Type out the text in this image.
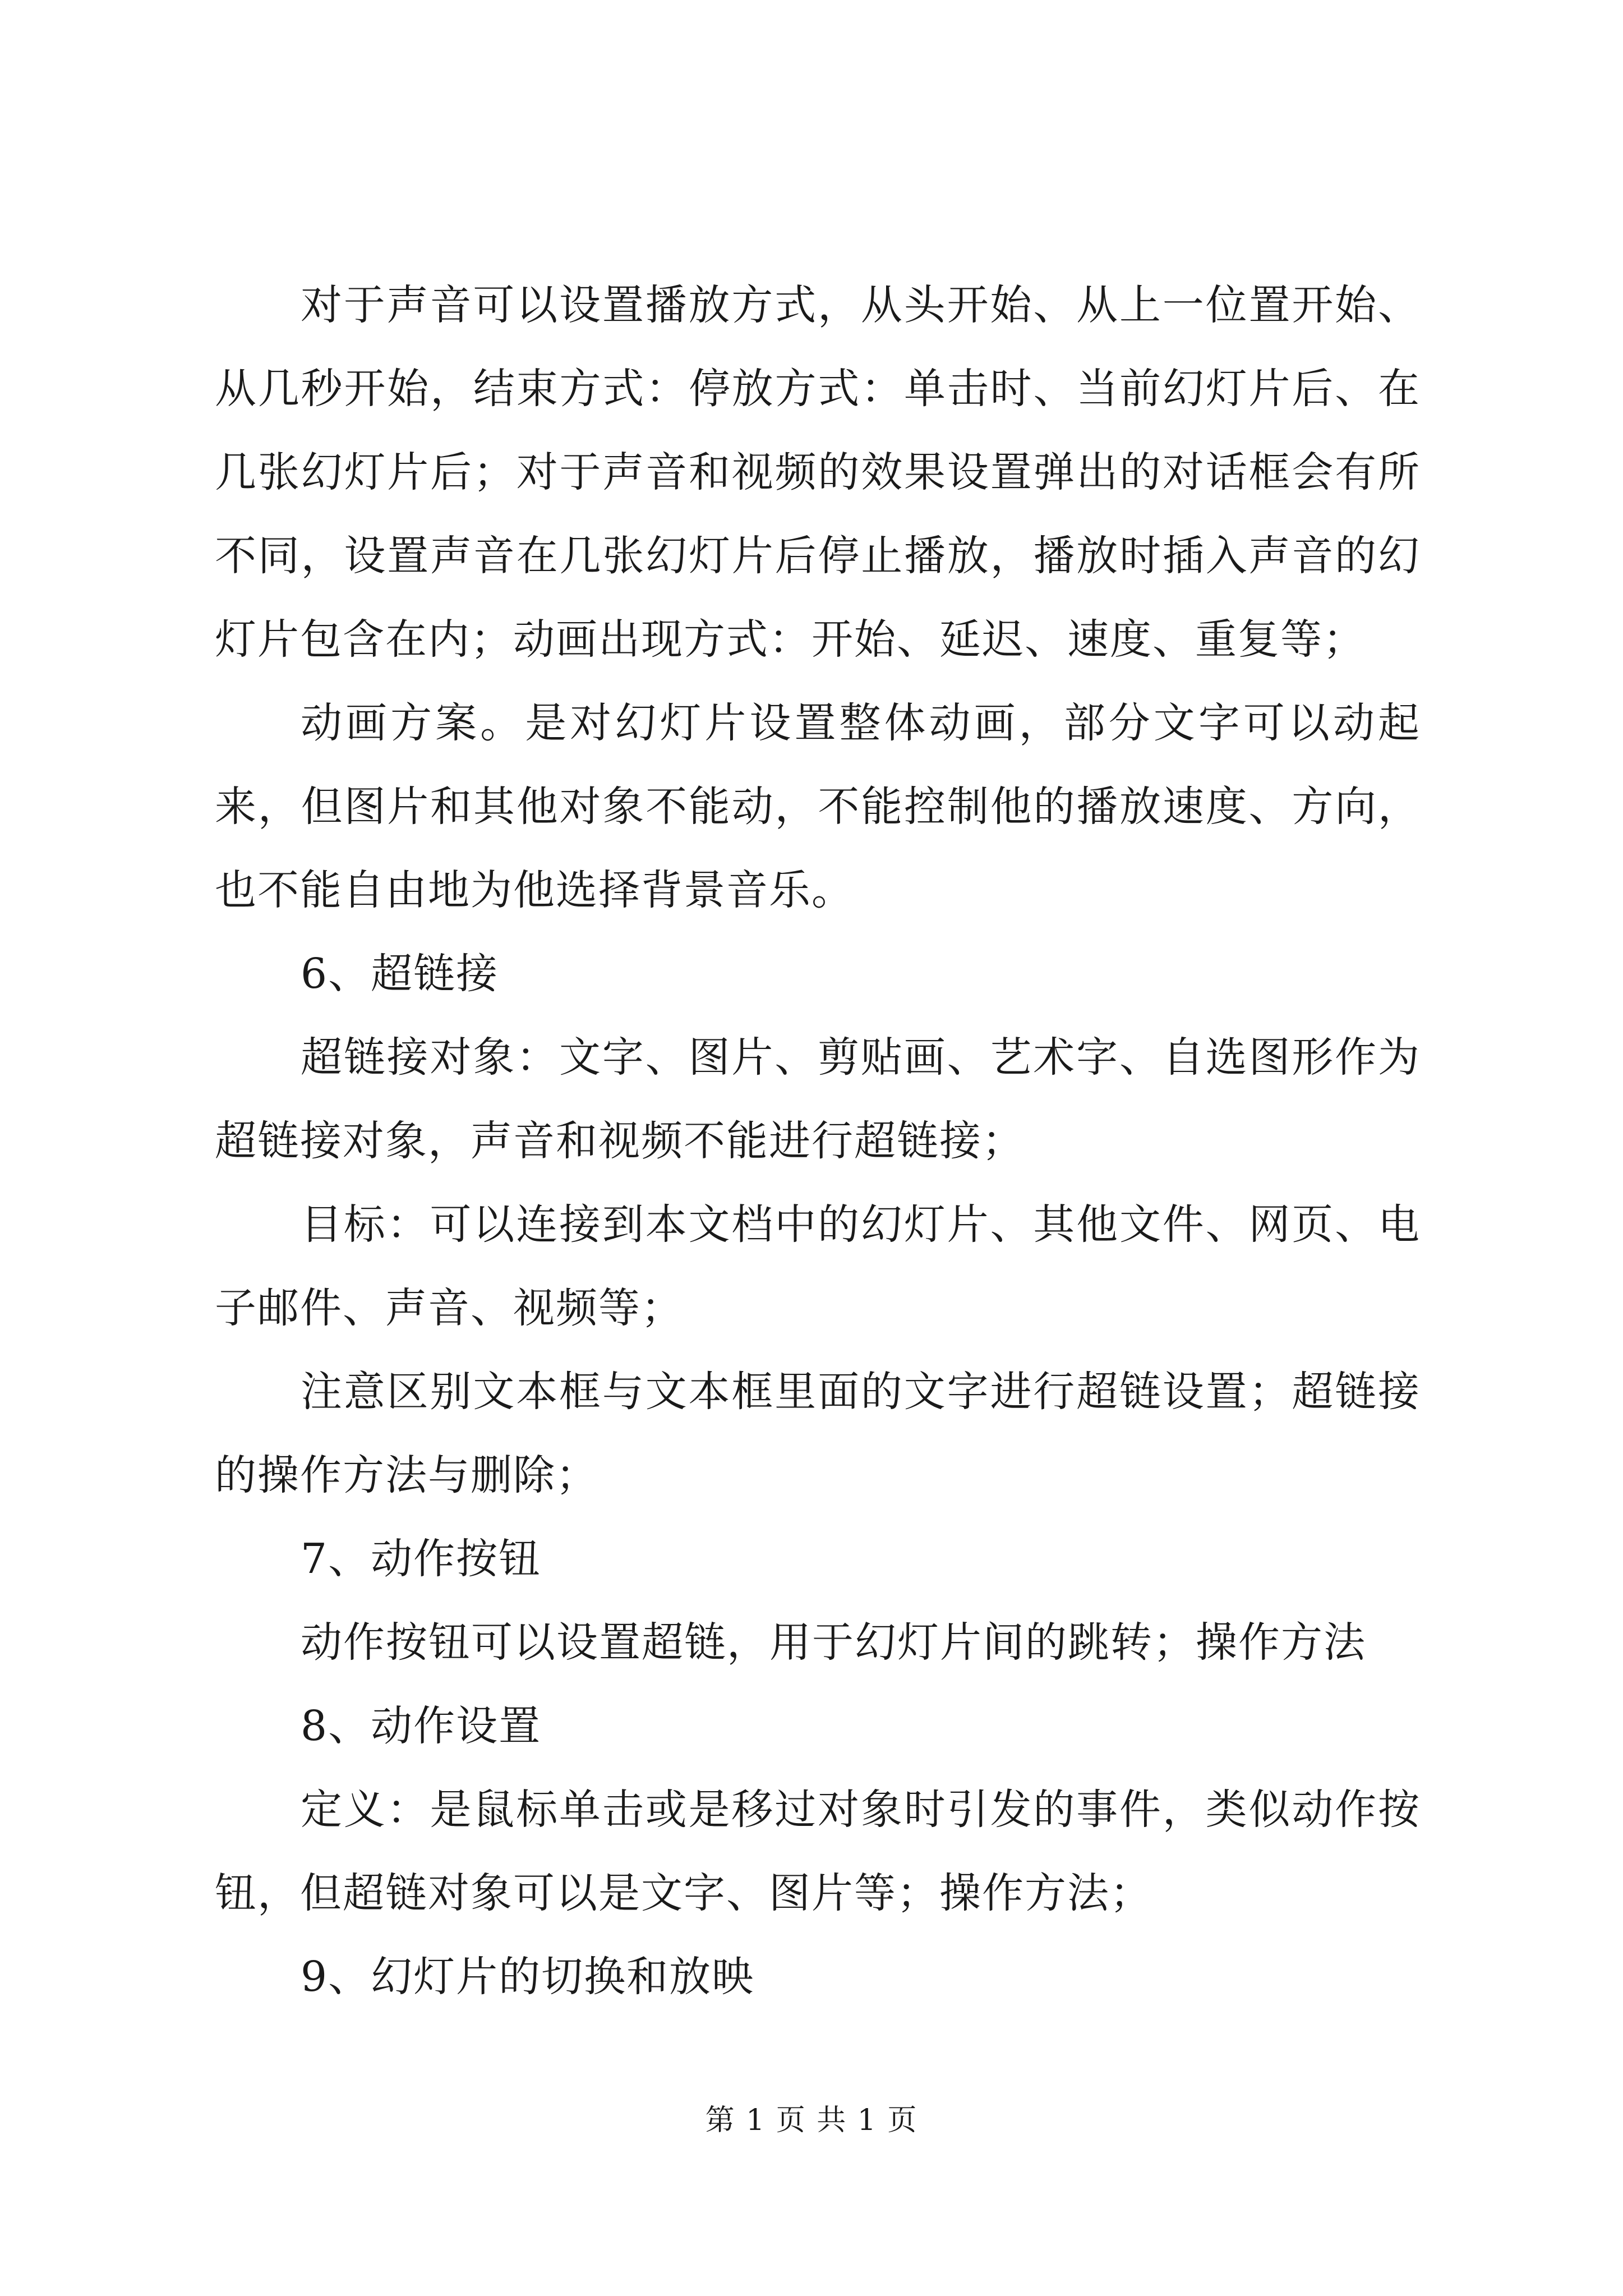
对于声音可以设置播放方式，从头开始、从上一位置开始、从几秒开始，结束方式：停放方式：单击时、当前幻灯片后、在几张幻灯片后；对于声音和视频的效果设置弹出的对话框会有所不同，设置声音在几张幻灯片后停止播放，播放时插入声音的幻灯片包含在内；动画出现方式：开始、延迟、速度、重复等；

动画方案。是对幻灯片设置整体动画，部分文字可以动起来，但图片和其他对象不能动，不能控制他的播放速度、方向，也不能自由地为他选择背景音乐。

6、超链接

超链接对象：文字、图片、剪贴画、艺术字、自选图形作为超链接对象，声音和视频不能进行超链接；

目标：可以连接到本文档中的幻灯片、其他文件、网页、电子邮件、声音、视频等；

注意区别文本框与文本框里面的文字进行超链设置；超链接的操作方法与删除；

7、动作按钮

动作按钮可以设置超链，用于幻灯片间的跳转；操作方法

8、动作设置

定义：是鼠标单击或是移过对象时引发的事件，类似动作按钮，但超链对象可以是文字、图片等；操作方法；

9、幻灯片的切换和放映

第 1 页 共 1 页
